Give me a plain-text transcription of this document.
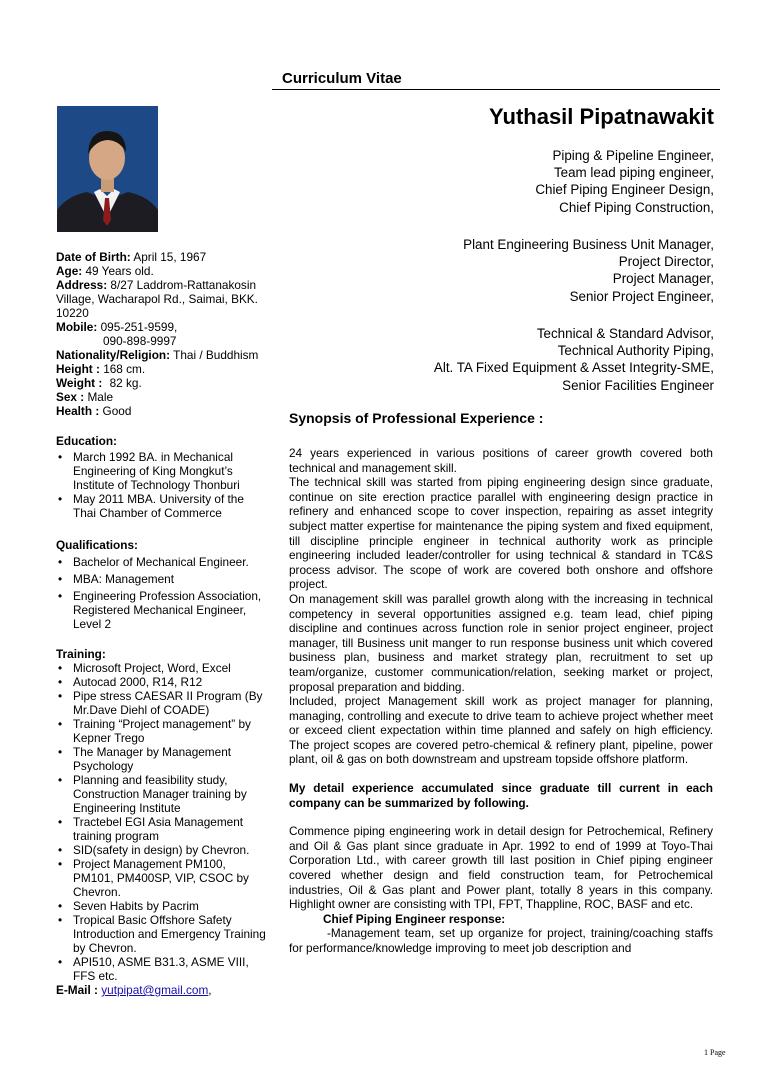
Curriculum Vitae
Yuthasil Pipatnawakit
Piping & Pipeline Engineer,
Team lead piping engineer,
Chief Piping Engineer Design,
Chief Piping Construction,
Plant Engineering Business Unit Manager,
Project Director,
Project Manager,
Senior Project Engineer,
Technical & Standard Advisor,
Technical Authority Piping,
Alt. TA Fixed Equipment & Asset Integrity-SME,
Senior Facilities Engineer
Date of Birth: April 15, 1967
Age: 49 Years old.
Address: 8/27 Laddrom-Rattanakosin Village, Wacharapol Rd., Saimai, BKK. 10220
Mobile: 095-251-9599,
090-898-9997
Nationality/Religion: Thai / Buddhism
Height : 168 cm.
Weight : 82 kg.
Sex : Male
Health : Good
Education:
• March 1992 BA. in Mechanical Engineering of King Mongkut’s Institute of Technology Thonburi
• May 2011 MBA. University of the Thai Chamber of Commerce
Qualifications:
• Bachelor of Mechanical Engineer.
• MBA: Management
• Engineering Profession Association, Registered Mechanical Engineer, Level 2
Training:
• Microsoft Project, Word, Excel
• Autocad 2000, R14, R12
• Pipe stress CAESAR II Program (By Mr.Dave Diehl of COADE)
• Training “Project management” by Kepner Trego
• The Manager by Management Psychology
• Planning and feasibility study, Construction Manager training by Engineering Institute
• Tractebel EGI Asia Management training program
• SID(safety in design) by Chevron.
• Project Management PM100, PM101, PM400SP, VIP, CSOC by Chevron.
• Seven Habits by Pacrim
• Tropical Basic Offshore Safety Introduction and Emergency Training by Chevron.
• API510, ASME B31.3, ASME VIII, FFS etc.
E-Mail : yutpipat@gmail.com,
Synopsis of Professional Experience :

24 years experienced in various positions of career growth covered both technical and management skill.

The technical skill was started from piping engineering design since graduate, continue on site erection practice parallel with engineering design practice in refinery and enhanced scope to cover inspection, repairing as asset integrity subject matter expertise for maintenance the piping system and fixed equipment, till discipline principle engineer in technical authority work as principle engineering included leader/controller for using technical & standard in TC&S process advisor. The scope of work are covered both onshore and offshore project.

On management skill was parallel growth along with the increasing in technical competency in several opportunities assigned e.g. team lead, chief piping discipline and continues across function role in senior project engineer, project manager, till Business unit manger to run response business unit which covered business plan, business and market strategy plan, recruitment to set up team/organize, customer communication/relation, seeking market or project, proposal preparation and bidding.

Included, project Management skill work as project manager for planning, managing, controlling and execute to drive team to achieve project whether meet or exceed client expectation within time planned and safely on high efficiency. The project scopes are covered petro-chemical & refinery plant, pipeline, power plant, oil & gas on both downstream and upstream topside offshore platform.

My detail experience accumulated since graduate till current in each company can be summarized by following.

Commence piping engineering work in detail design for Petrochemical, Refinery and Oil & Gas plant since graduate in Apr. 1992 to end of 1999 at Toyo-Thai Corporation Ltd., with career growth till last position in Chief piping engineer covered whether design and field construction team, for Petrochemical industries, Oil & Gas plant and Power plant, totally 8 years in this company. Highlight owner are consisting with TPI, FPT, Thappline, ROC, BASF and etc.

Chief Piping Engineer response:

-Management team, set up organize for project, training/coaching staffs for performance/knowledge improving to meet job description and

1 Page
